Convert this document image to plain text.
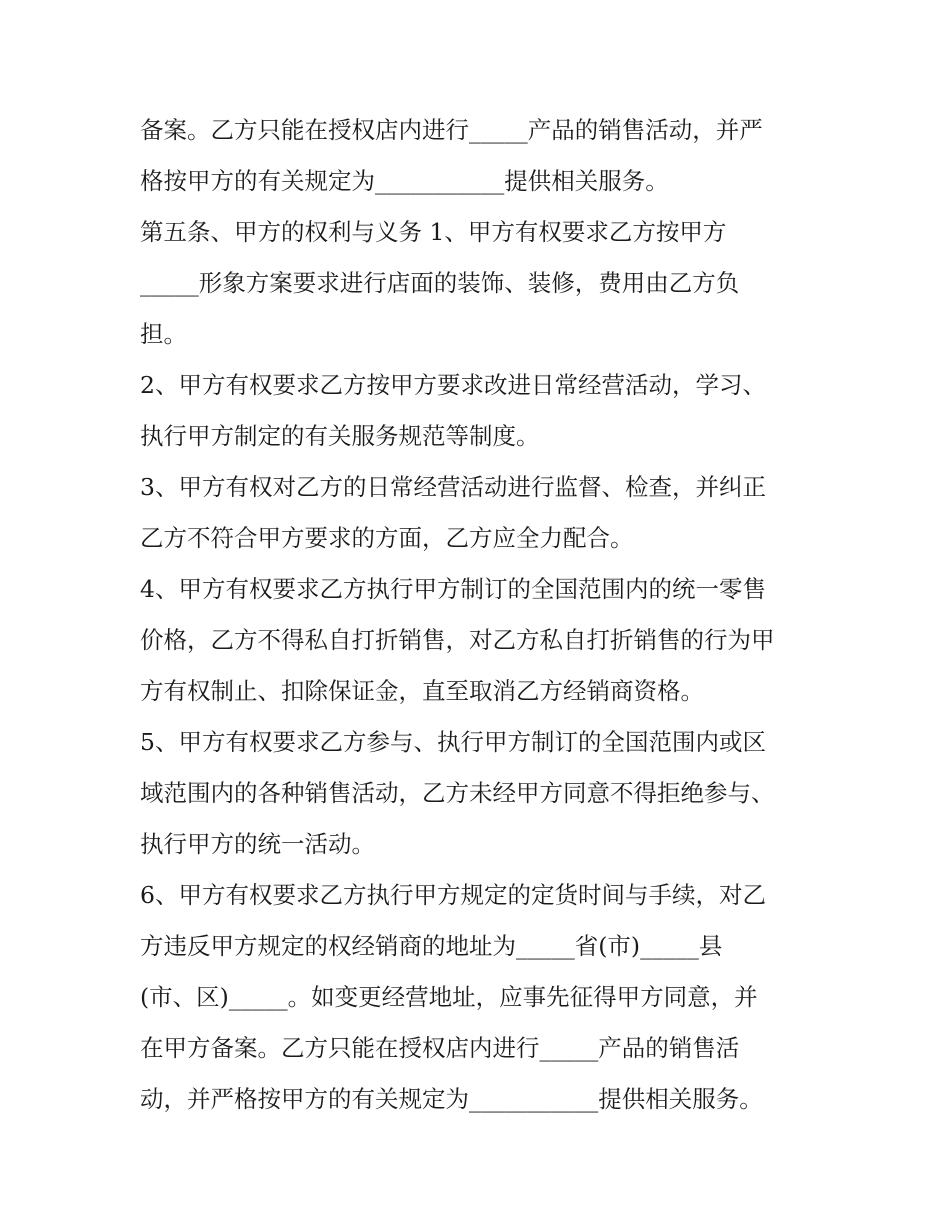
备案。乙方只能在授权店内进行_____产品的销售活动，并严
格按甲方的有关规定为___________提供相关服务。
第五条、甲方的权利与义务 1、甲方有权要求乙方按甲方
_____形象方案要求进行店面的装饰、装修，费用由乙方负
担。
2、甲方有权要求乙方按甲方要求改进日常经营活动，学习、
执行甲方制定的有关服务规范等制度。
3、甲方有权对乙方的日常经营活动进行监督、检查，并纠正
乙方不符合甲方要求的方面，乙方应全力配合。
4、甲方有权要求乙方执行甲方制订的全国范围内的统一零售
价格，乙方不得私自打折销售，对乙方私自打折销售的行为甲
方有权制止、扣除保证金，直至取消乙方经销商资格。
5、甲方有权要求乙方参与、执行甲方制订的全国范围内或区
域范围内的各种销售活动，乙方未经甲方同意不得拒绝参与、
执行甲方的统一活动。
6、甲方有权要求乙方执行甲方规定的定货时间与手续，对乙
方违反甲方规定的权经销商的地址为_____省(市)_____县
(市、区)_____。如变更经营地址，应事先征得甲方同意，并
在甲方备案。乙方只能在授权店内进行_____产品的销售活
动，并严格按甲方的有关规定为___________提供相关服务。
